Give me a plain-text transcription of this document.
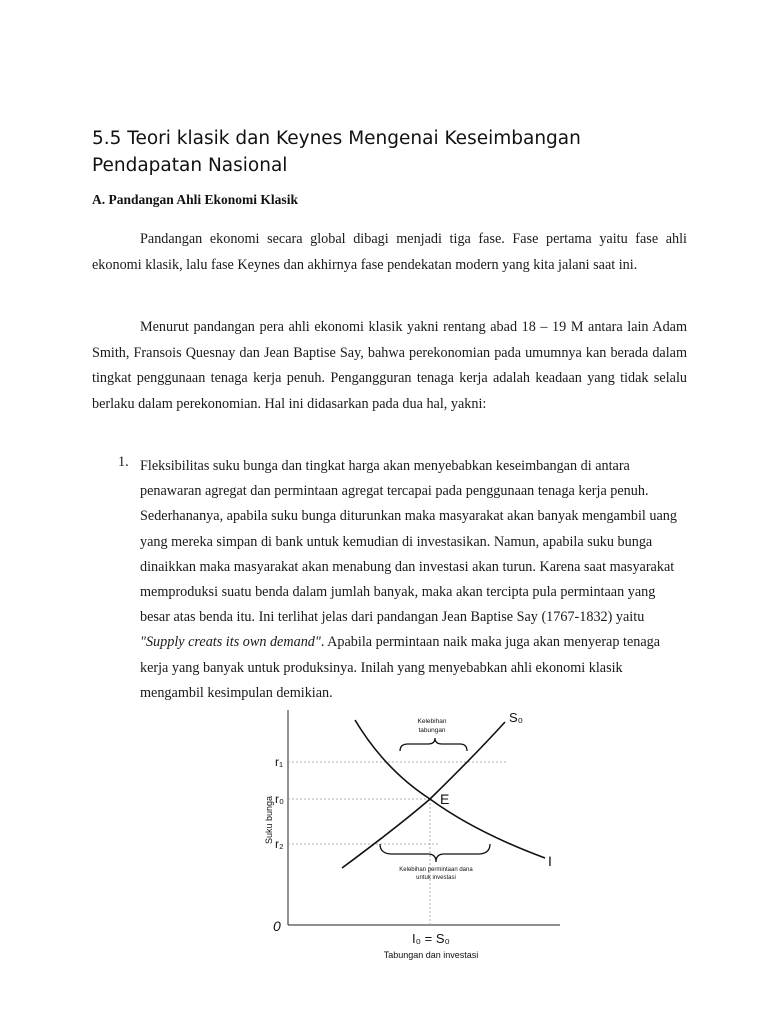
5.5 Teori klasik dan Keynes Mengenai Keseimbangan Pendapatan Nasional
A. Pandangan Ahli Ekonomi Klasik

Pandangan ekonomi secara global dibagi menjadi tiga fase. Fase pertama yaitu fase ahli ekonomi klasik, lalu fase Keynes dan akhirnya fase pendekatan modern yang kita jalani saat ini.

Menurut pandangan pera ahli ekonomi klasik yakni rentang abad 18 – 19 M antara lain Adam Smith, Fransois Quesnay dan Jean Baptise Say, bahwa perekonomian pada umumnya kan berada dalam tingkat penggunaan tenaga kerja penuh. Pengangguran tenaga kerja adalah keadaan yang tidak selalu berlaku dalam perekonomian. Hal ini didasarkan pada dua hal, yakni:

1. Fleksibilitas suku bunga dan tingkat harga akan menyebabkan keseimbangan di antara penawaran agregat dan permintaan agregat tercapai pada penggunaan tenaga kerja penuh. Sederhananya, apabila suku bunga diturunkan maka masyarakat akan banyak mengambil uang yang mereka simpan di bank untuk kemudian di investasikan. Namun, apabila suku bunga dinaikkan maka masyarakat akan menabung dan investasi akan turun. Karena saat masyarakat memproduksi suatu benda dalam jumlah banyak, maka akan tercipta pula permintaan yang besar atas benda itu. Ini terlihat jelas dari pandangan Jean Baptise Say (1767-1832) yaitu "Supply creats its own demand". Apabila permintaan naik maka juga akan menyerap tenaga kerja yang banyak untuk produksinya. Inilah yang menyebabkan ahli ekonomi klasik mengambil kesimpulan demikian.

Kelebihan
tabungan
Kelebihan permintaan dana
untuk investasi
S₀
I
E
r₁
r₀
r₂
Suku bunga
0
I₀ = S₀
Tabungan dan investasi
